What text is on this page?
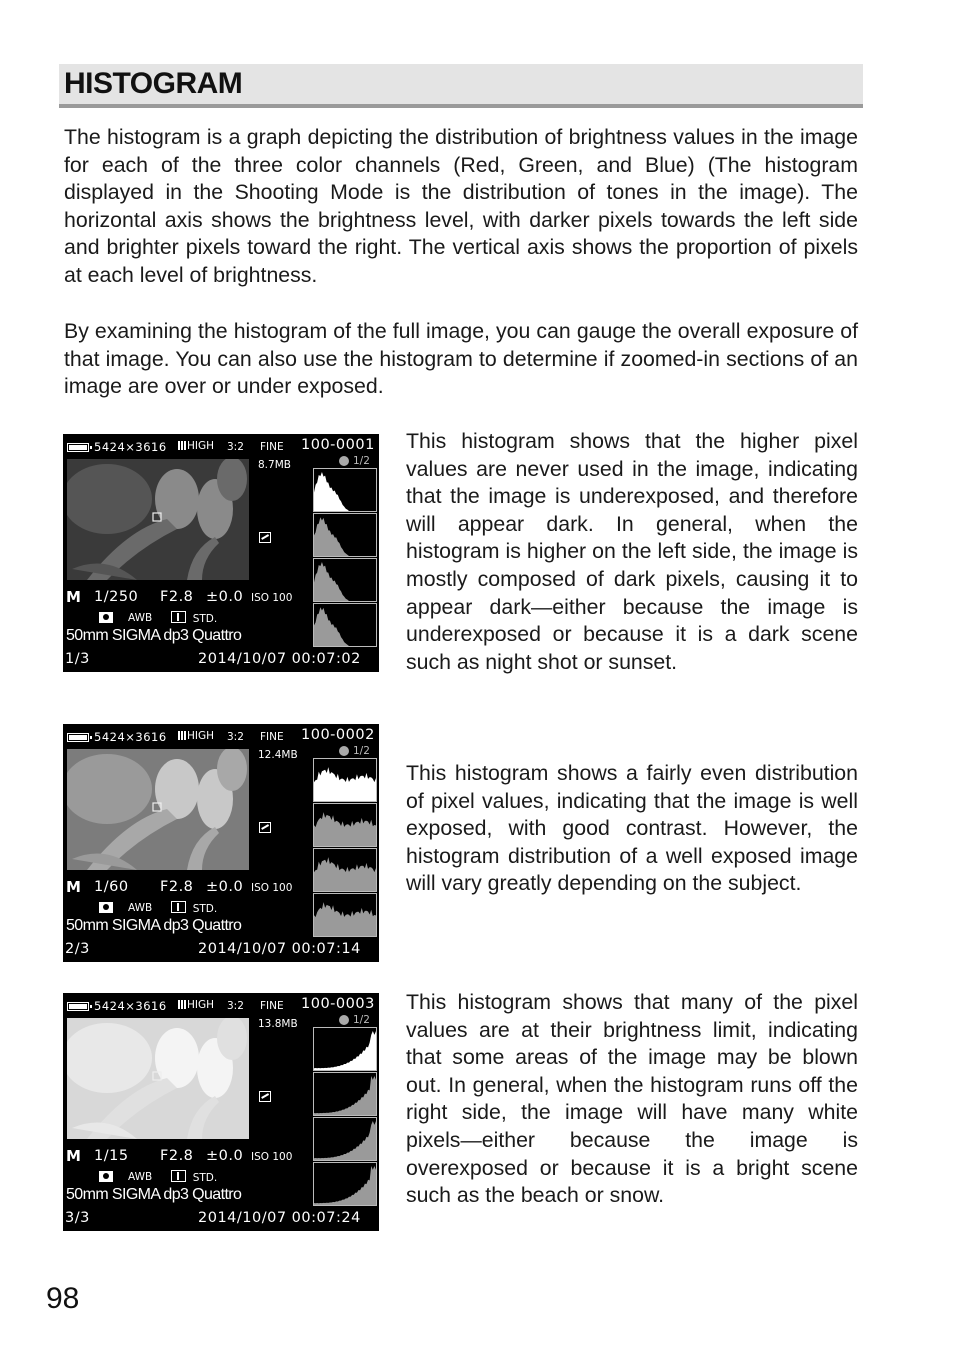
HISTOGRAM

The histogram is a graph depicting the distribution of brightness values in the image for each of the three color channels (Red, Green, and Blue) (The histogram displayed in the Shooting Mode is the distribution of tones in the image). The horizontal axis shows the brightness level, with darker pixels towards the left side and brighter pixels toward the right. The vertical axis shows the proportion of pixels at each level of brightness.

By examining the histogram of the full image, you can gauge the overall exposure of that image. You can also use the histogram to determine if zoomed-in sections of an image are over or under exposed.

5424×3616	HIGH 3:2 FINE 100-0001
8.7MB	1/2
M 1/250 F2.8 ±0.0 ISO 100
AWB	STD.
50mm SIGMA dp3 Quattro
1/3	2014/10/07 00:07:02

This histogram shows that the higher pixel values are never used in the image, indicating that the image is underexposed, and therefore will appear dark. In general, when the histogram is higher on the left side, the image is mostly composed of dark pixels, causing it to appear dark—either because the image is underexposed or because it is a dark scene such as night shot or sunset.

5424×3616	HIGH 3:2 FINE 100-0002
12.4MB	1/2
M 1/60 F2.8 ±0.0 ISO 100
AWB	STD.
50mm SIGMA dp3 Quattro
2/3	2014/10/07 00:07:14

This histogram shows a fairly even distribution of pixel values, indicating that the image is well exposed, with good contrast. However, the histogram distribution of a well exposed image will vary greatly depending on the subject.

5424×3616	HIGH 3:2 FINE 100-0003
13.8MB	1/2
M 1/15 F2.8 ±0.0 ISO 100
AWB	STD.
50mm SIGMA dp3 Quattro
3/3	2014/10/07 00:07:24

This histogram shows that many of the pixel values are at their brightness limit, indicating that some areas of the image may be blown out. In general, when the histogram runs off the right side, the image will have many white pixels—either because the image is overexposed or because it is a bright scene such as the beach or snow.

98
